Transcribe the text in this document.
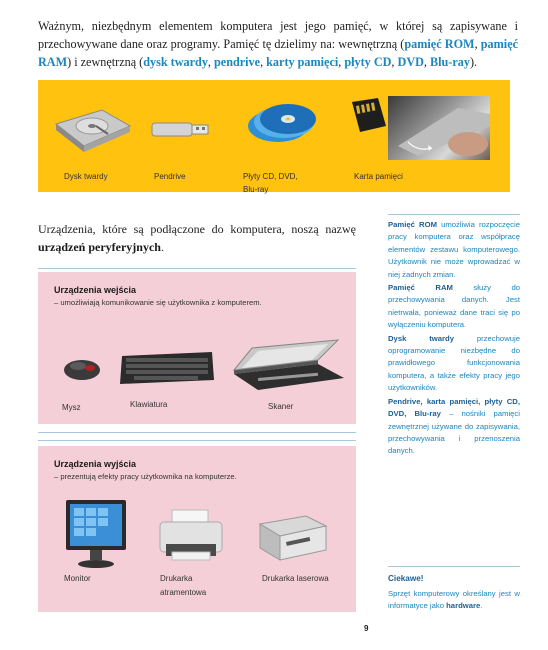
Ważnym, niezbędnym elementem komputera jest jego pamięć, w której są zapisywane i przechowywane dane oraz programy. Pamięć tę dzielimy na: wewnętrzną (pamięć ROM, pamięć RAM) i zewnętrzną (dysk twardy, pendrive, karty pamięci, płyty CD, DVD, Blu-ray).
Dysk twardy	Pendrive	Płyty CD, DVD,
Blu-ray
Karta pamięci
Urządzenia, które są podłączone do komputera, noszą nazwę urządzeń peryferyjnych.
Urządzenia wejścia
– umożliwiają komunikowanie się użytkownika z komputerem.
Mysz	Klawiatura	Skaner
Urządzenia wyjścia
– prezentują efekty pracy użytkownika na komputerze.
Monitor	Drukarka
atramentowa
Drukarka laserowa

Pamięć ROM umożliwia rozpoczęcie pracy komputera oraz współpracę elementów zestawu komputerowego. Użytkownik nie może wprowadzać w niej żadnych zmian.

Pamięć RAM służy do przechowywania danych. Jest nietrwała, ponieważ dane traci się po wyłączeniu komputera.

Dysk twardy przechowuje oprogramowanie niezbędne do prawidłowego funkcjonowania komputera, a także efekty pracy jego użytkowników.

Pendrive, karta pamięci, płyty CD, DVD, Blu-ray – nośniki pamięci zewnętrznej używane do zapisywania, przechowywania i przenoszenia danych.

Ciekawe!
Sprzęt komputerowy określany jest w informatyce jako hardware.
9
